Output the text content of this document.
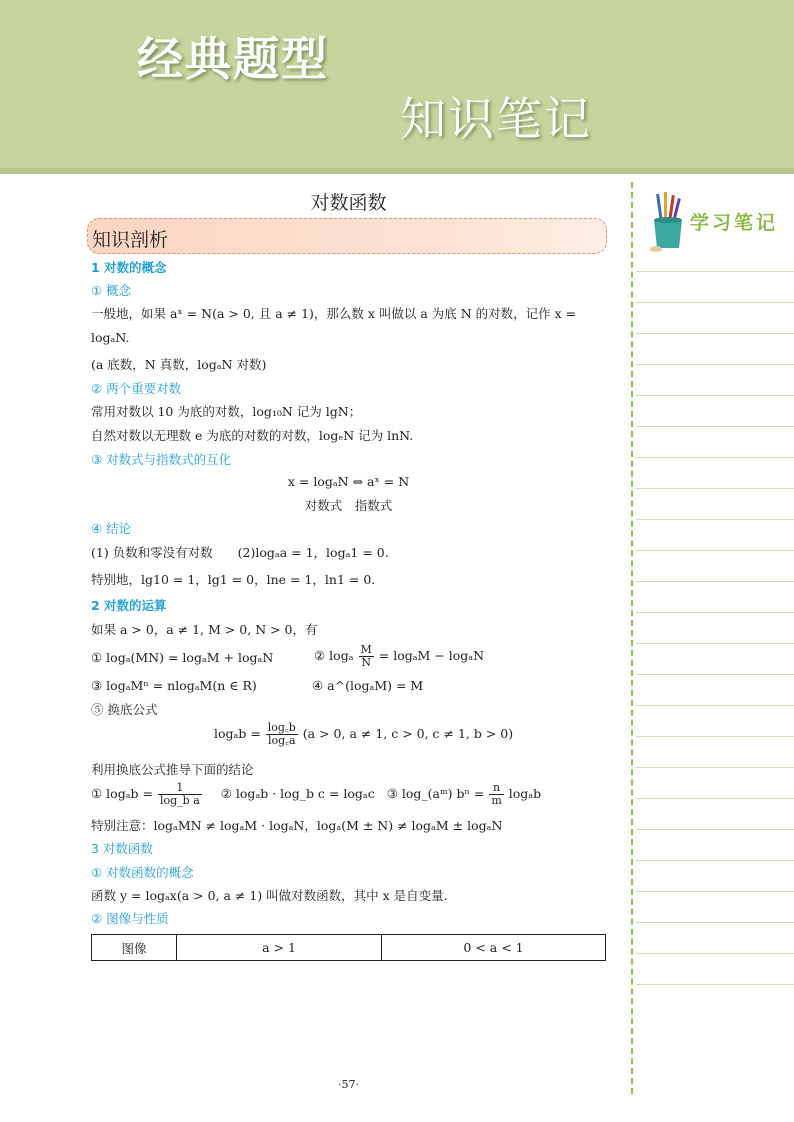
经典题型
知识笔记
对数函数
知识剖析
1 对数的概念
① 概念
一般地，如果 aˣ = N(a > 0, 且 a ≠ 1)，那么数 x 叫做以 a 为底 N 的对数，记作 x =
logₐN.
(a 底数，N 真数，logₐN 对数)
② 两个重要对数
常用对数以 10 为底的对数，log₁₀N 记为 lgN；
自然对数以无理数 e 为底的对数的对数，logₑN 记为 lnN.
③ 对数式与指数式的互化
x = logₐN ⇔ aˣ = N
对数式　指数式
④ 结论
(1) 负数和零没有对数　　(2)logₐa = 1，logₐ1 = 0.
特别地，lg10 = 1，lg1 = 0，lne = 1，ln1 = 0.
2 对数的运算
如果 a > 0，a ≠ 1, M > 0, N > 0，有
① logₐ(MN) = logₐM + logₐN	② logₐ $\frac{M}{N} = \log_aM - \log_aN$
③ logₐMⁿ = nlogₐM(n ∈ R)	④ a^(logₐM) = M
⑤ 换底公式
$\log_ab = \frac{\log꜀b}{\log꜀a} (a > 0$, a ≠ 1, c > 0, c ≠ 1, b > 0)
利用换底公式推导下面的结论
① $\log_ab = \frac{1}{\text{log\_b a}}$ ② logₐb · log_b c = logₐc ③ log_(aᵐ) $b^n = \frac{n}{m}$ logₐb
特别注意：logₐMN ≠ logₐM · logₐN，logₐ(M ± N) ≠ logₐM ± logₐN
3 对数函数
① 对数函数的概念
函数 y = logₐx(a > 0, a ≠ 1) 叫做对数函数，其中 x 是自变量.
② 图像与性质
图像	a > 1	0 < a < 1
·57·
学习笔记
